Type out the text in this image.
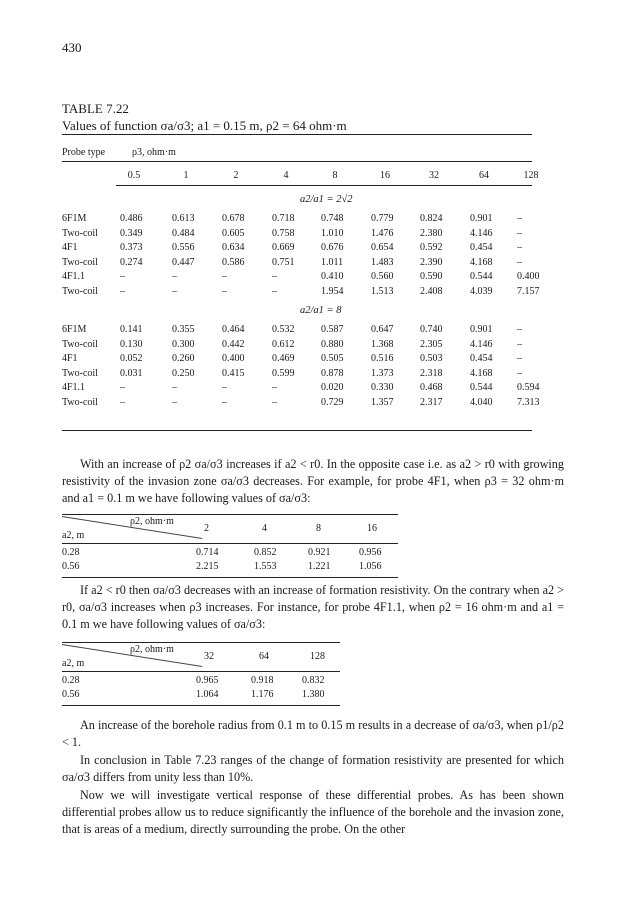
430
TABLE 7.22
Values of function σa/σ3; a1 = 0.15 m, ρ2 = 64 ohm·m
Probe type	ρ3, ohm·m
0.5	1	2	4	8	16	32	64	128
a2/a1 = 2√2
6F1M	0.486	0.613	0.678	0.718	0.748	0.779	0.824	0.901	–
Two-coil 0.349	0.484	0.605	0.758	1.010	1.476	2.380	4.146	–
4F1	0.373	0.556	0.634	0.669	0.676	0.654	0.592	0.454	–
Two-coil 0.274	0.447	0.586	0.751	1.011	1.483	2.390	4.168	–
4F1.1	–	–	–	–	0.410	0.560	0.590	0.544	0.400
Two-coil –	–	–	–	1.954	1.513	2.408	4.039	7.157
a2/a1 = 8
6F1M	0.141	0.355	0.464	0.532	0.587	0.647	0.740	0.901	–
Two-coil 0.130	0.300	0.442	0.612	0.880	1.368	2.305	4.146	–
4F1	0.052	0.260	0.400	0.469	0.505	0.516	0.503	0.454	–
Two-coil 0.031	0.250	0.415	0.599	0.878	1.373	2.318	4.168	–
4F1.1	–	–	–	–	0.020	0.330	0.468	0.544	0.594
Two-coil –	–	–	–	0.729	1.357	2.317	4.040	7.313

With an increase of ρ2 σa/σ3 increases if a2 < r0. In the opposite case i.e. as a2 > r0 with growing resistivity of the invasion zone σa/σ3 decreases. For example, for probe 4F1, when ρ3 = 32 ohm·m and a1 = 0.1 m we have following values of σa/σ3:

ρ2, ohm·m
a2, m
2	4	8	16
0.28	0.714	0.852	0.921	0.956
0.56	2.215	1.553	1.221	1.056

If a2 < r0 then σa/σ3 decreases with an increase of formation resistivity. On the contrary when a2 > r0, σa/σ3 increases when ρ3 increases. For instance, for probe 4F1.1, when ρ2 = 16 ohm·m and a1 = 0.1 m we have following values of σa/σ3:

ρ2, ohm·m
a2, m
32	64	128
0.28	0.965	0.918	0.832
0.56	1.064	1.176	1.380

An increase of the borehole radius from 0.1 m to 0.15 m results in a decrease of σa/σ3, when ρ1/ρ2 < 1.

In conclusion in Table 7.23 ranges of the change of formation resistivity are presented for which σa/σ3 differs from unity less than 10%.

Now we will investigate vertical response of these differential probes. As has been shown differential probes allow us to reduce significantly the influence of the borehole and the invasion zone, that is areas of a medium, directly surrounding the probe. On the other
